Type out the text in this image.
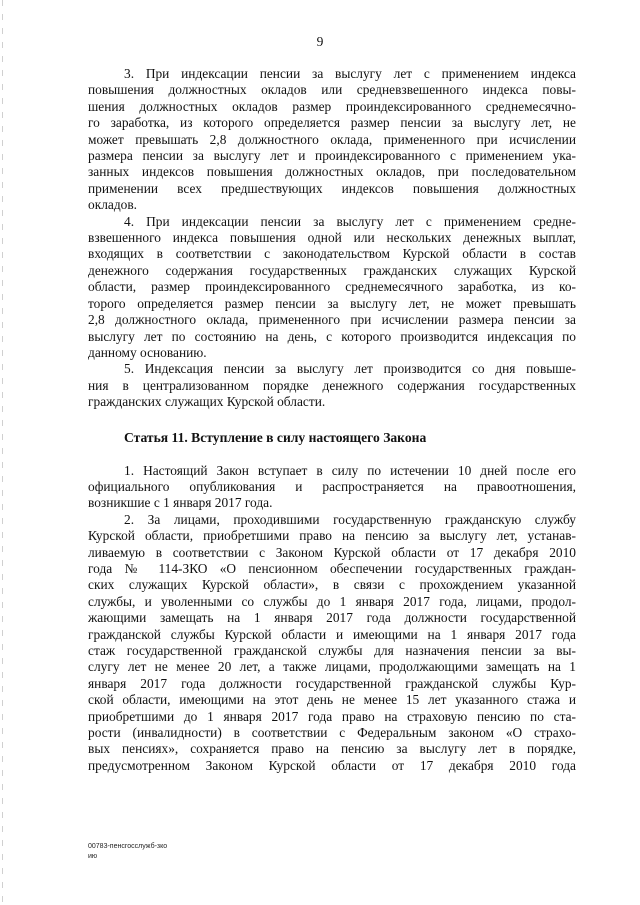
9
3. При индексации пенсии за выслугу лет с применением индекса
повышения должностных окладов или средневзвешенного индекса повы-
шения должностных окладов размер проиндексированного среднемесячно-
го заработка, из которого определяется размер пенсии за выслугу лет, не
может превышать 2,8 должностного оклада, примененного при исчислении
размера пенсии за выслугу лет и проиндексированного с применением ука-
занных индексов повышения должностных окладов, при последовательном
применении всех предшествующих индексов повышения должностных
окладов.
4. При индексации пенсии за выслугу лет с применением средне-
взвешенного индекса повышения одной или нескольких денежных выплат,
входящих в соответствии с законодательством Курской области в состав
денежного содержания государственных гражданских служащих Курской
области, размер проиндексированного среднемесячного заработка, из ко-
торого определяется размер пенсии за выслугу лет, не может превышать
2,8 должностного оклада, примененного при исчислении размера пенсии за
выслугу лет по состоянию на день, с которого производится индексация по
данному основанию.
5. Индексация пенсии за выслугу лет производится со дня повыше-
ния в централизованном порядке денежного содержания государственных
гражданских служащих Курской области.
Статья 11. Вступление в силу настоящего Закона
1. Настоящий Закон вступает в силу по истечении 10 дней после его
официального опубликования и распространяется на правоотношения,
возникшие с 1 января 2017 года.
2. За лицами, проходившими государственную гражданскую службу
Курской области, приобретшими право на пенсию за выслугу лет, устанав-
ливаемую в соответствии с Законом Курской области от 17 декабря 2010
года № 114-ЗКО «О пенсионном обеспечении государственных граждан-
ских служащих Курской области», в связи с прохождением указанной
службы, и уволенными со службы до 1 января 2017 года, лицами, продол-
жающими замещать на 1 января 2017 года должности государственной
гражданской службы Курской области и имеющими на 1 января 2017 года
стаж государственной гражданской службы для назначения пенсии за вы-
слугу лет не менее 20 лет, а также лицами, продолжающими замещать на 1
января 2017 года должности государственной гражданской службы Кур-
ской области, имеющими на этот день не менее 15 лет указанного стажа и
приобретшими до 1 января 2017 года право на страховую пенсию по ста-
рости (инвалидности) в соответствии с Федеральным законом «О страхо-
вых пенсиях», сохраняется право на пенсию за выслугу лет в порядке,
предусмотренном Законом Курской области от 17 декабря 2010 года
00783-пенсгосслужб-зко
ию
